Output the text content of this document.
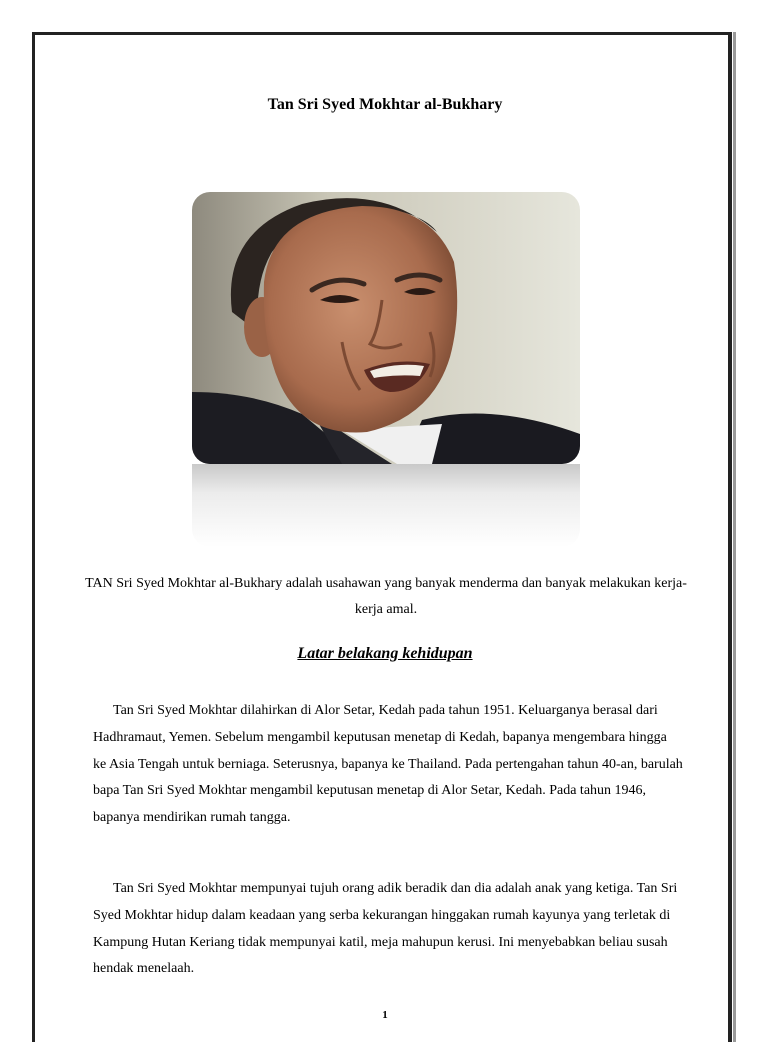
Tan Sri Syed Mokhtar al-Bukhary
TAN Sri Syed Mokhtar al-Bukhary adalah usahawan yang banyak menderma dan banyak melakukan kerja-kerja amal.
Latar belakang kehidupan

Tan Sri Syed Mokhtar dilahirkan di Alor Setar, Kedah pada tahun 1951. Keluarganya berasal dari Hadhramaut, Yemen. Sebelum mengambil keputusan menetap di Kedah, bapanya mengembara hingga ke Asia Tengah untuk berniaga. Seterusnya, bapanya ke Thailand. Pada pertengahan tahun 40-an, barulah bapa Tan Sri Syed Mokhtar mengambil keputusan menetap di Alor Setar, Kedah. Pada tahun 1946, bapanya mendirikan rumah tangga.

Tan Sri Syed Mokhtar mempunyai tujuh orang adik beradik dan dia adalah anak yang ketiga. Tan Sri Syed Mokhtar hidup dalam keadaan yang serba kekurangan hinggakan rumah kayunya yang terletak di Kampung Hutan Keriang tidak mempunyai katil, meja mahupun kerusi. Ini menyebabkan beliau susah hendak menelaah.

1
